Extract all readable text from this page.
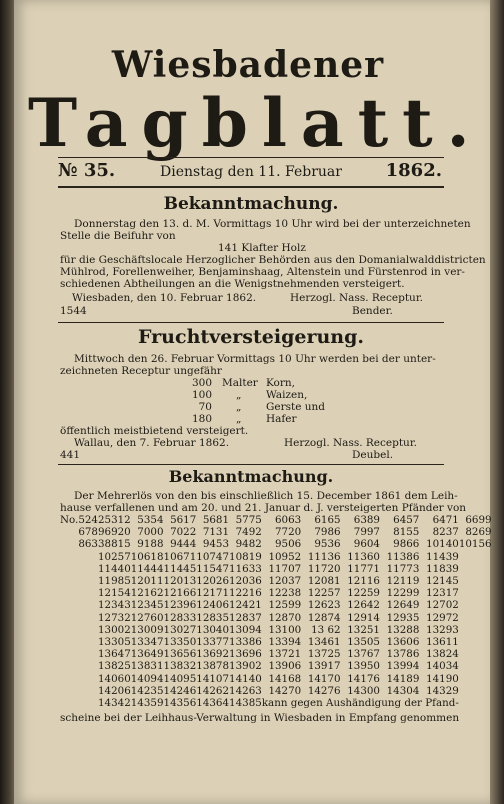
Wiesbadener
Tagblatt.
№ 35.	Dienstag den 11. Februar	1862.
Bekanntmachung.
Donnerstag den 13. d. M. Vormittags 10 Uhr wird bei der unterzeichneten
Stelle die Beifuhr von
141 Klafter Holz
für die Geschäftslocale Herzoglicher Behörden aus den Domanialwalddistricten
Mühlrod, Forellenweiher, Benjaminshaag, Altenstein und Fürstenrod in ver-
schiedenen Abtheilungen an die Wenigstnehmenden versteigert.
Wiesbaden, den 10. Februar 1862.	Herzogl. Nass. Receptur.
1544	Bender.
Fruchtversteigerung.
Mittwoch den 26. Februar Vormittags 10 Uhr werden bei der unter-
zeichneten Receptur ungefähr
300 Malter Korn,
100 „ Waizen,
70 „ Gerste und
180 „ Hafer
öffentlich meistbietend versteigert.
Wallau, den 7. Februar 1862.	Herzogl. Nass. Receptur.
441	Deubel.
Bekanntmachung.
Der Mehrerlös von den bis einschließlich 15. December 1861 dem Leih-
hause verfallenen und am 20. und 21. Januar d. J. versteigerten Pfänder von
No.	5242	5312	5354	5617	5681	5775	6063	6165	6389	6457	6471	6699
6789		6920	7000	7022	7131	7492	7720	7986	7997	8155	8237	8269
8633		8815	9188	9444	9453	9482	9506	9536	9604	9866	10140	10156
10257			10618	10671	10747	10819	10952	11136	11360	11386	11439	
11440			11444	11445	11547	11633	11707	11720	11771	11773	11839	
11985			12011	12013	12026	12036	12037	12081	12116	12119	12145	
12154			12162	12166	12171	12216	12238	12257	12259	12299	12317	
12343			12345	12396	12406	12421	12599	12623	12642	12649	12702	
12732			12760	12833	12835	12837	12870	12874	12914	12935	12972	
13002			13009	13027	13040	13094	13100	13 62	13251	13288	13293	
13305			13347	13350	13377	13386	13394	13461	13505	13606	13611	
13647			13649	13656	13692	13696	13721	13725	13767	13786	13824	
13825			13831	13832	13878	13902	13906	13917	13950	13994	14034	
14060			14094	14095	14107	14140	14168	14170	14176	14189	14190	
14206			14235	14246	14262	14263	14270	14276	14300	14304	14329	
14342			14359	14356	14364	14385	kann gegen Aushändigung der Pfand-					
scheine bei der Leihhaus-Verwaltung in Wiesbaden in Empfang genommen
